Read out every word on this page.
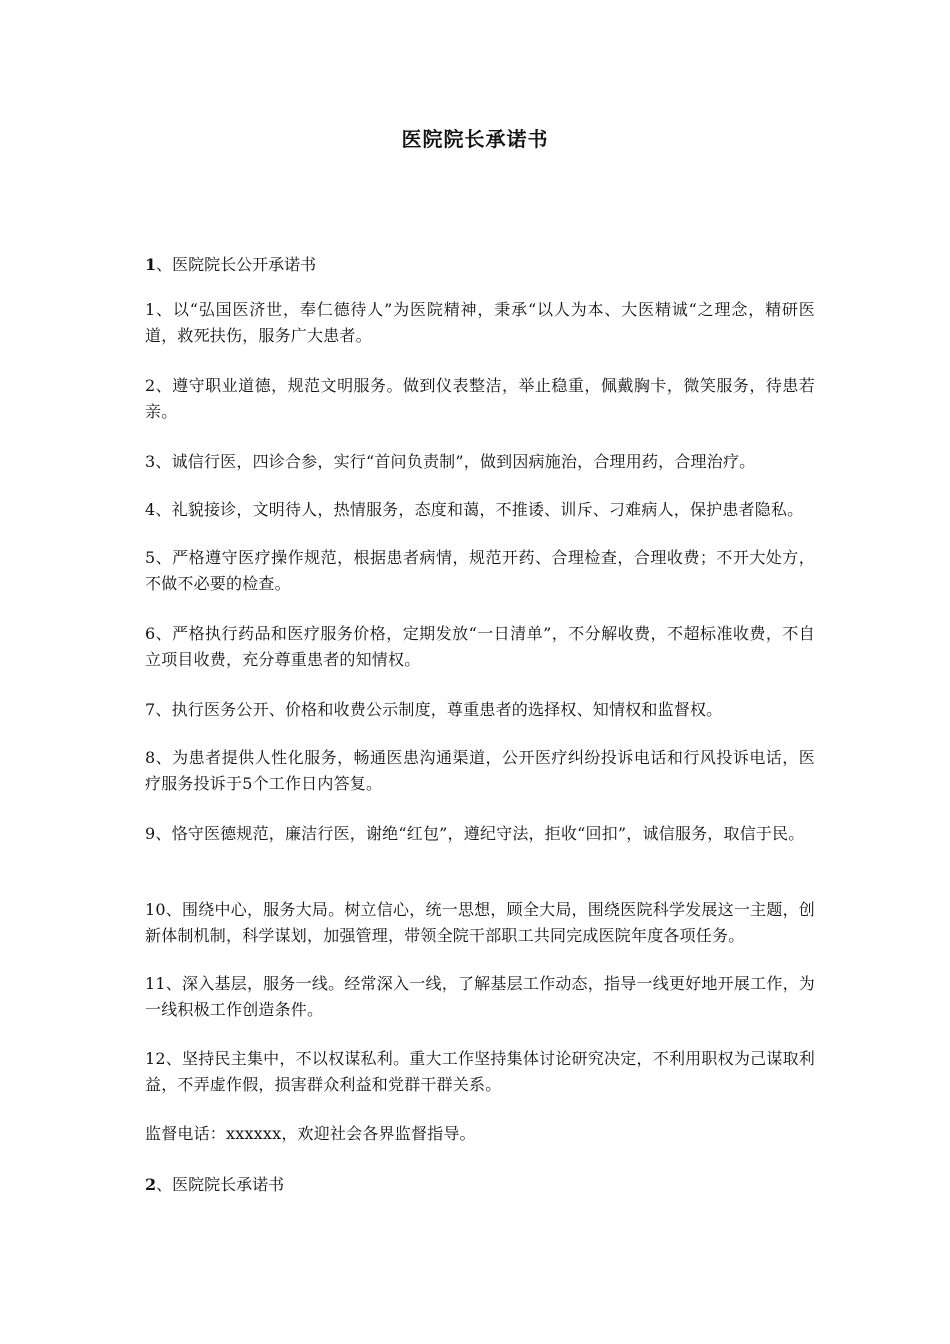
医院院长承诺书
1、医院院长公开承诺书
1、以“弘国医济世，奉仁德待人”为医院精神，秉承“以人为本、大医精诚“之理念，精研医道，救死扶伤，服务广大患者。
2、遵守职业道德，规范文明服务。做到仪表整洁，举止稳重，佩戴胸卡，微笑服务，待患若亲。
3、诚信行医，四诊合参，实行“首问负责制”，做到因病施治，合理用药，合理治疗。
4、礼貌接诊，文明待人，热情服务，态度和蔼，不推诿、训斥、刁难病人，保护患者隐私。
5、严格遵守医疗操作规范，根据患者病情，规范开药、合理检查，合理收费；不开大处方，不做不必要的检查。
6、严格执行药品和医疗服务价格，定期发放“一日清单”，不分解收费，不超标准收费，不自立项目收费，充分尊重患者的知情权。
7、执行医务公开、价格和收费公示制度，尊重患者的选择权、知情权和监督权。
8、为患者提供人性化服务，畅通医患沟通渠道，公开医疗纠纷投诉电话和行风投诉电话，医疗服务投诉于5个工作日内答复。
9、恪守医德规范，廉洁行医，谢绝“红包”，遵纪守法，拒收“回扣”，诚信服务，取信于民。
10、围绕中心，服务大局。树立信心，统一思想，顾全大局，围绕医院科学发展这一主题，创新体制机制，科学谋划，加强管理，带领全院干部职工共同完成医院年度各项任务。
11、深入基层，服务一线。经常深入一线，了解基层工作动态，指导一线更好地开展工作，为一线积极工作创造条件。
12、坚持民主集中，不以权谋私利。重大工作坚持集体讨论研究决定，不利用职权为己谋取利益，不弄虚作假，损害群众利益和党群干群关系。
监督电话：xxxxxx，欢迎社会各界监督指导。
2、医院院长承诺书
